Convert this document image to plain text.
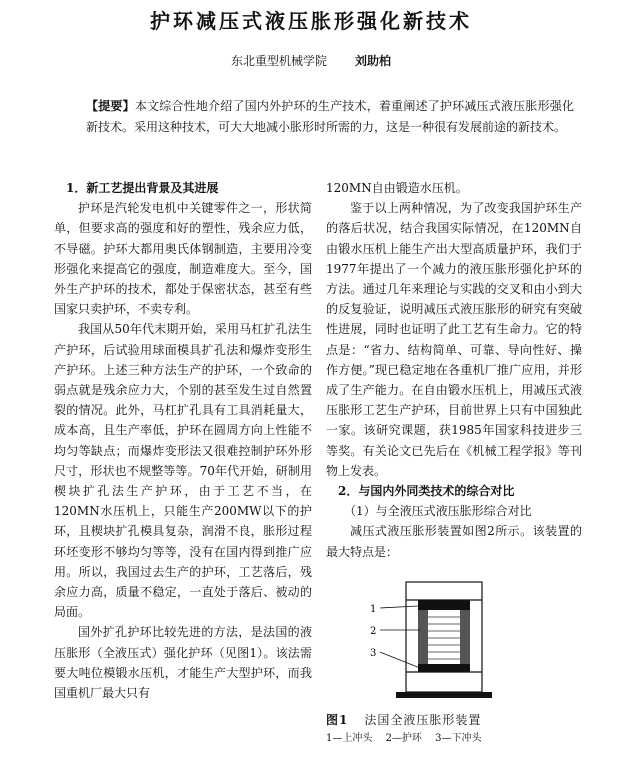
护环减压式液压胀形强化新技术
东北重型机械学院 刘助柏
【提要】本文综合性地介绍了国内外护环的生产技术，着重阐述了护环减压式液压胀形强化新技术。采用这种技术，可大大地减小胀形时所需的力，这是一种很有发展前途的新技术。

1．新工艺提出背景及其进展

护环是汽轮发电机中关键零件之一，形状简单，但要求高的强度和好的塑性，残余应力低，不导磁。护环大都用奥氏体钢制造，主要用冷变形强化来提高它的强度，制造难度大。至今，国外生产护环的技术，都处于保密状态，甚至有些国家只卖护环，不卖专利。

我国从50年代末期开始，采用马杠扩孔法生产护环，后试验用球面模具扩孔法和爆炸变形生产护环。上述三种方法生产的护环，一个致命的弱点就是残余应力大，个别的甚至发生过自然置裂的情况。此外，马杠扩孔具有工具消耗量大，成本高，且生产率低，护环在圆周方向上性能不均匀等缺点；而爆炸变形法又很难控制护环外形尺寸，形状也不规整等等。70年代开始，研制用楔块扩孔法生产护环，由于工艺不当，在120MN水压机上，只能生产200MW以下的护环，且楔块扩孔模具复杂，润滑不良，胀形过程环坯变形不够均匀等等，没有在国内得到推广应用。所以，我国过去生产的护环，工艺落后，残余应力高，质量不稳定，一直处于落后、被动的局面。

国外扩孔护环比较先进的方法，是法国的液压胀形（全液压式）强化护环（见图1）。该法需要大吨位模锻水压机，才能生产大型护环，而我国重机厂最大只有

120MN自由锻造水压机。

鉴于以上两种情况，为了改变我国护环生产的落后状况，结合我国实际情况，在120MN自由锻水压机上能生产出大型高质量护环，我们于1977年提出了一个减力的液压胀形强化护环的方法。通过几年来理论与实践的交叉和由小到大的反复验证，说明减压式液压胀形的研究有突破性进展，同时也证明了此工艺有生命力。它的特点是：“省力、结构简单、可靠、导向性好、操作方便。”现已稳定地在各重机厂推广应用，并形成了生产能力。在自由锻水压机上，用减压式液压胀形工艺生产护环，目前世界上只有中国独此一家。该研究课题，获1985年国家科技进步三等奖。有关论文已先后在《机械工程学报》等刊物上发表。

2．与国内外同类技术的综合对比

（1）与全液压式液压胀形综合对比

减压式液压胀形装置如图2所示。该装置的最大特点是：

1
2
3
图1 法国全液压胀形装置
1—上冲头 2—护环 3—下冲头
